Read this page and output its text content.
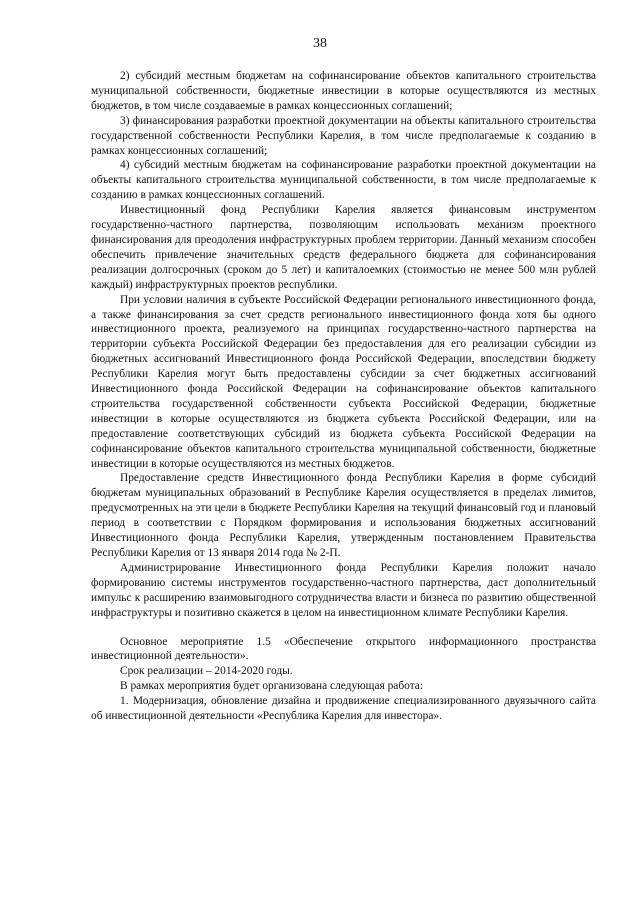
38

2) субсидий местным бюджетам на софинансирование объектов капитального строительства муниципальной собственности, бюджетные инвестиции в которые осуществляются из местных бюджетов, в том числе создаваемые в рамках концессионных соглашений;

3) финансирования разработки проектной документации на объекты капитального строительства государственной собственности Республики Карелия, в том числе предполагаемые к созданию в рамках концессионных соглашений;

4) субсидий местным бюджетам на софинансирование разработки проектной документации на объекты капитального строительства муниципальной собственности, в том числе предполагаемые к созданию в рамках концессионных соглашений.

Инвестиционный фонд Республики Карелия является финансовым инструментом государственно-частного партнерства, позволяющим использовать механизм проектного финансирования для преодоления инфраструктурных проблем территории. Данный механизм способен обеспечить привлечение значительных средств федерального бюджета для софинансирования реализации долгосрочных (сроком до 5 лет) и капиталоемких (стоимостью не менее 500 млн рублей каждый) инфраструктурных проектов республики.

При условии наличия в субъекте Российской Федерации регионального инвестиционного фонда, а также финансирования за счет средств регионального инвестиционного фонда хотя бы одного инвестиционного проекта, реализуемого на принципах государственно-частного партнерства на территории субъекта Российской Федерации без предоставления для его реализации субсидии из бюджетных ассигнований Инвестиционного фонда Российской Федерации, впоследствии бюджету Республики Карелия могут быть предоставлены субсидии за счет бюджетных ассигнований Инвестиционного фонда Российской Федерации на софинансирование объектов капитального строительства государственной собственности субъекта Российской Федерации, бюджетные инвестиции в которые осуществляются из бюджета субъекта Российской Федерации, или на предоставление соответствующих субсидий из бюджета субъекта Российской Федерации на софинансирование объектов капитального строительства муниципальной собственности, бюджетные инвестиции в которые осуществляются из местных бюджетов.

Предоставление средств Инвестиционного фонда Республики Карелия в форме субсидий бюджетам муниципальных образований в Республике Карелия осуществляется в пределах лимитов, предусмотренных на эти цели в бюджете Республики Карелия на текущий финансовый год и плановый период в соответствии с Порядком формирования и использования бюджетных ассигнований Инвестиционного фонда Республики Карелия, утвержденным постановлением Правительства Республики Карелия от 13 января 2014 года № 2-П.

Администрирование Инвестиционного фонда Республики Карелия положит начало формированию системы инструментов государственно-частного партнерства, даст дополнительный импульс к расширению взаимовыгодного сотрудничества власти и бизнеса по развитию общественной инфраструктуры и позитивно скажется в целом на инвестиционном климате Республики Карелия.

Основное мероприятие 1.5 «Обеспечение открытого информационного пространства инвестиционной деятельности».

Срок реализации – 2014-2020 годы.

В рамках мероприятия будет организована следующая работа:

1. Модернизация, обновление дизайна и продвижение специализированного двуязычного сайта об инвестиционной деятельности «Республика Карелия для инвестора».
